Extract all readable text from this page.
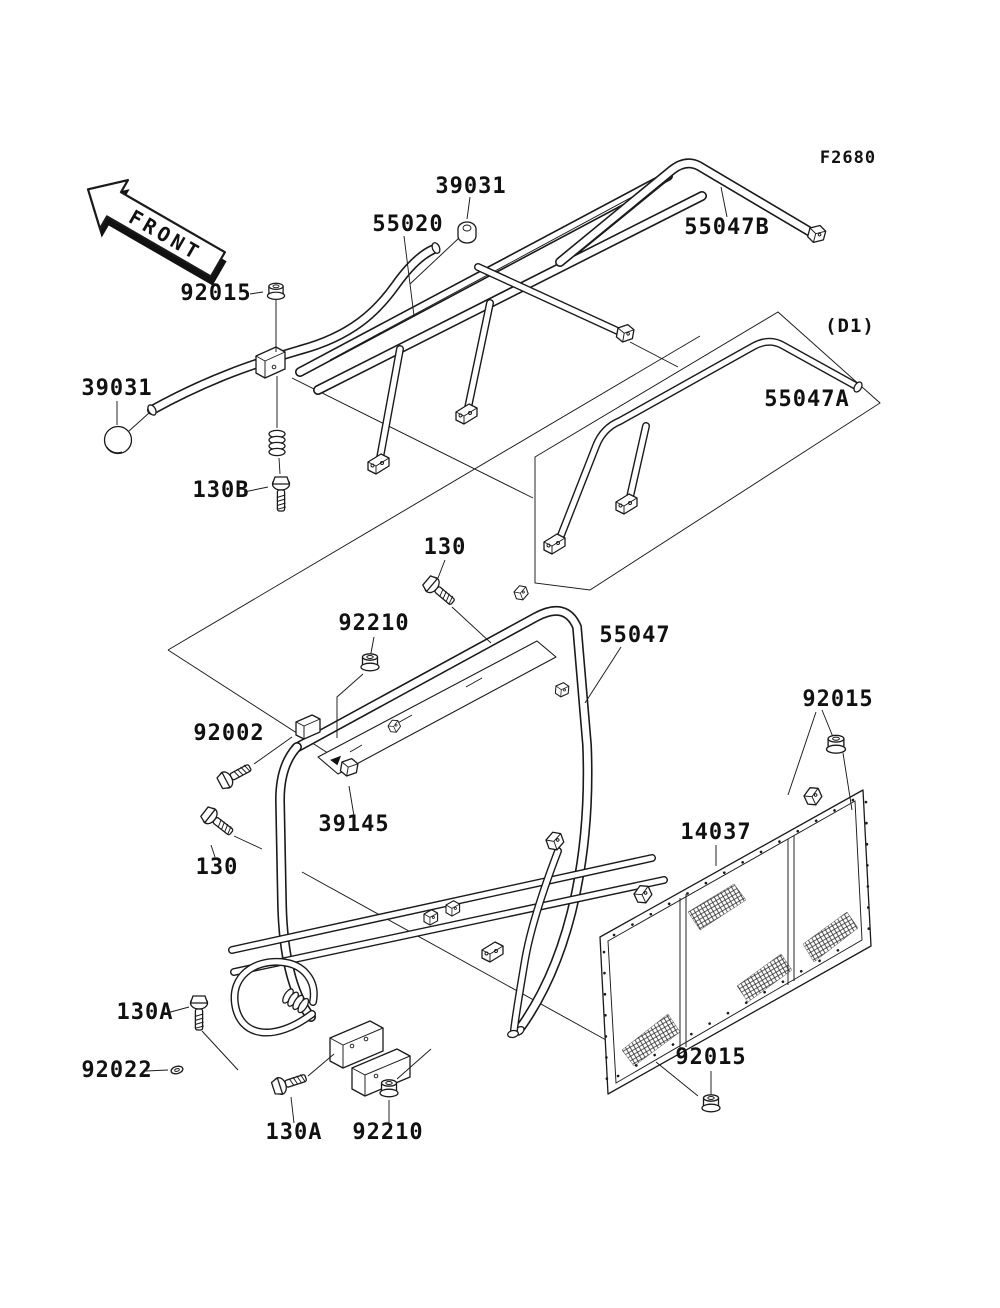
FRONT
F2680
(D1)
55020
39031
55047B
92015
39031
130B
55047A
130
92210	55047
92002
92015
39145
130
14037
130A
92022
92015
130A 92210
